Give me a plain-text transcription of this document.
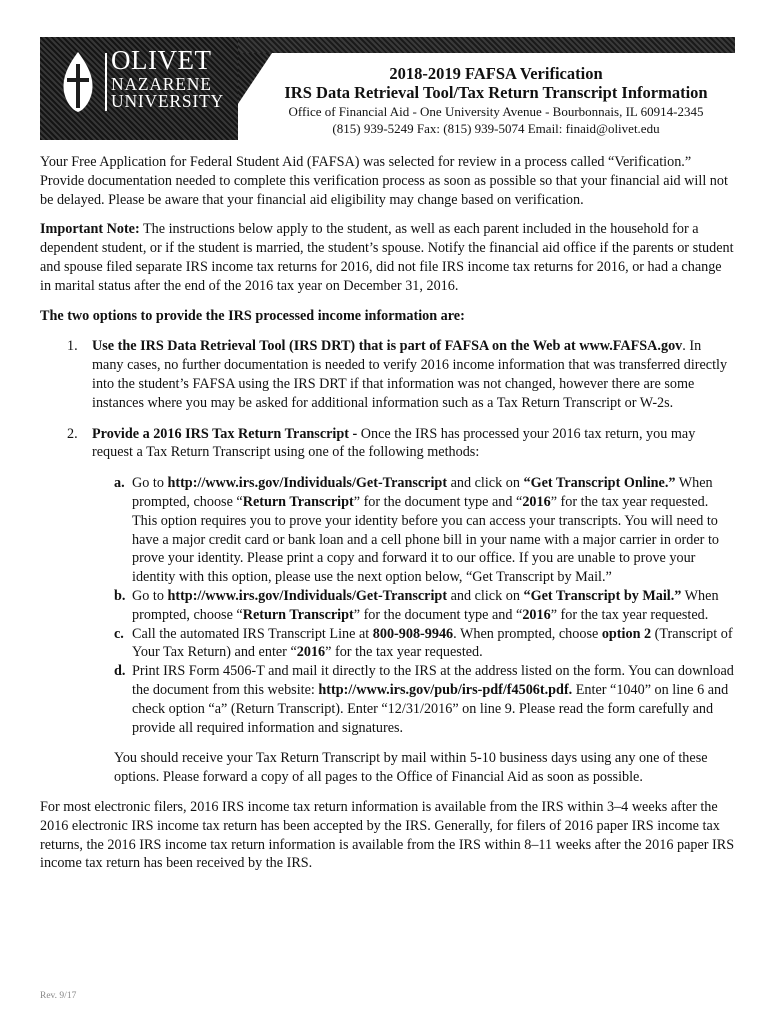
OLIVET
NAZARENE
UNIVERSITY
2018-2019 FAFSA Verification
IRS Data Retrieval Tool/Tax Return Transcript Information
Office of Financial Aid - One University Avenue - Bourbonnais, IL 60914-2345
(815) 939-5249 Fax: (815) 939-5074 Email: finaid@olivet.edu

Your Free Application for Federal Student Aid (FAFSA) was selected for review in a process called “Verification.” Provide documentation needed to complete this verification process as soon as possible so that your financial aid will not be delayed. Please be aware that your financial aid eligibility may change based on verification.

Important Note: The instructions below apply to the student, as well as each parent included in the household for a dependent student, or if the student is married, the student’s spouse. Notify the financial aid office if the parents or student and spouse filed separate IRS income tax returns for 2016, did not file IRS income tax returns for 2016, or had a change in marital status after the end of the 2016 tax year on December 31, 2016.

The two options to provide the IRS processed income information are:

1. Use the IRS Data Retrieval Tool (IRS DRT) that is part of FAFSA on the Web at www.FAFSA.gov. In many cases, no further documentation is needed to verify 2016 income information that was transferred directly into the student’s FAFSA using the IRS DRT if that information was not changed, however there are some instances where you may be asked for additional information such as a Tax Return Transcript or W-2s.
2. Provide a 2016 IRS Tax Return Transcript - Once the IRS has processed your 2016 tax return, you may request a Tax Return Transcript using one of the following methods:
a. Go to http://www.irs.gov/Individuals/Get-Transcript and click on “Get Transcript Online.” When prompted, choose “Return Transcript” for the document type and “2016” for the tax year requested. This option requires you to prove your identity before you can access your transcripts. You will need to have a major credit card or bank loan and a cell phone bill in your name with a major carrier in order to prove your identity. Please print a copy and forward it to our office. If you are unable to prove your identity with this option, please use the next option below, “Get Transcript by Mail.”
b. Go to http://www.irs.gov/Individuals/Get-Transcript and click on “Get Transcript by Mail.” When prompted, choose “Return Transcript” for the document type and “2016” for the tax year requested.
c. Call the automated IRS Transcript Line at 800-908-9946. When prompted, choose option 2 (Transcript of Your Tax Return) and enter “2016” for the tax year requested.
d. Print IRS Form 4506-T and mail it directly to the IRS at the address listed on the form. You can download the document from this website: http://www.irs.gov/pub/irs-pdf/f4506t.pdf. Enter “1040” on line 6 and check option “a” (Return Transcript). Enter “12/31/2016” on line 9. Please read the form carefully and provide all required information and signatures.

You should receive your Tax Return Transcript by mail within 5-10 business days using any one of these options. Please forward a copy of all pages to the Office of Financial Aid as soon as possible.

For most electronic filers, 2016 IRS income tax return information is available from the IRS within 3–4 weeks after the 2016 electronic IRS income tax return has been accepted by the IRS. Generally, for filers of 2016 paper IRS income tax returns, the 2016 IRS income tax return information is available from the IRS within 8–11 weeks after the 2016 paper IRS income tax return has been received by the IRS.

Rev. 9/17
